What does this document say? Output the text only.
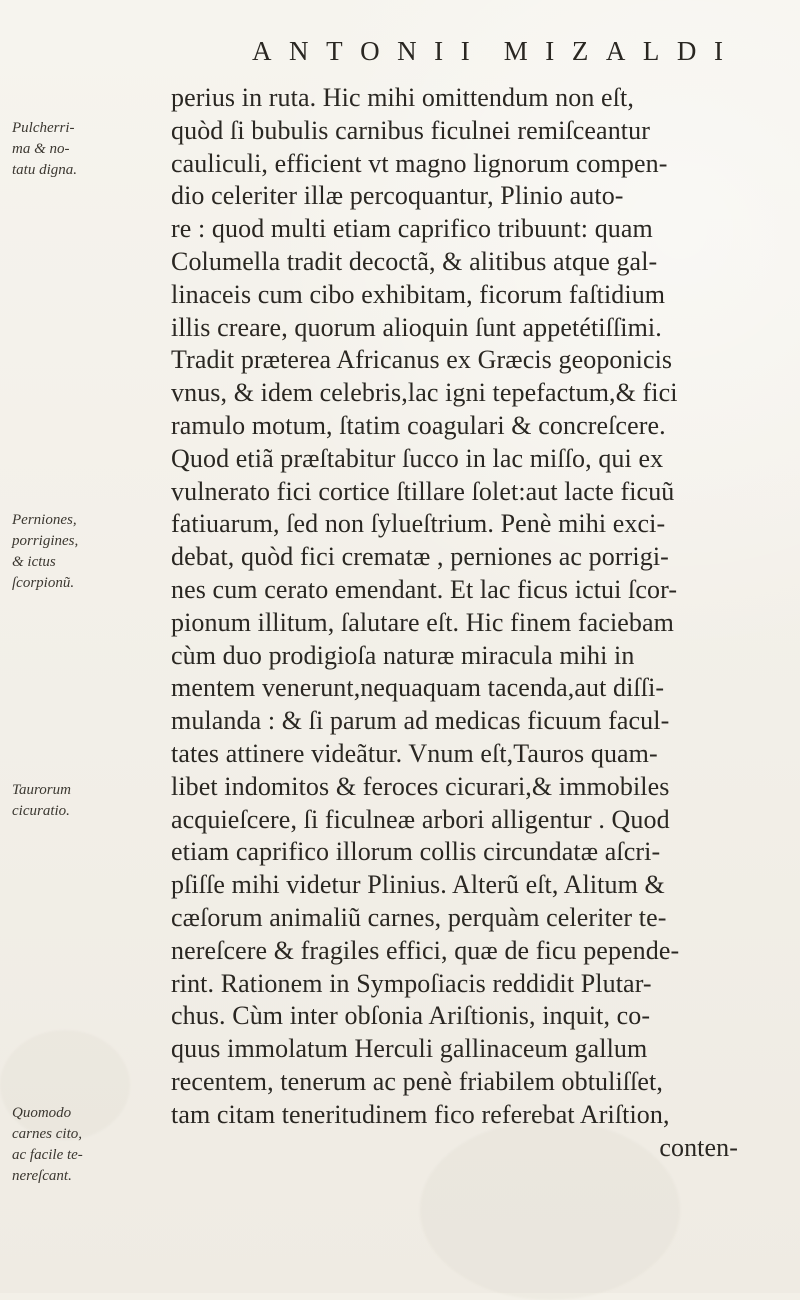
A N T O N I I M I Z A L D I
perius in ruta. Hic mihi omittendum non eſt,
quòd ſi bubulis carnibus ficulnei remiſceantur
cauliculi, efficient vt magno lignorum compen-
dio celeriter illæ percoquantur, Plinio auto-
re : quod multi etiam caprifico tribuunt: quam
Columella tradit decoctã, & alitibus atque gal-
linaceis cum cibo exhibitam, ficorum faſtidium
illis creare, quorum alioquin ſunt appetétiſſimi.
Tradit præterea Africanus ex Græcis geoponicis
vnus, & idem celebris,lac igni tepefactum,& fici
ramulo motum, ſtatim coagulari & concreſcere.
Quod etiã præſtabitur ſucco in lac miſſo, qui ex
vulnerato fici cortice ſtillare ſolet:aut lacte ficuũ
fatiuarum, ſed non ſylueſtrium. Penè mihi exci-
debat, quòd fici crematæ , perniones ac porrigi-
nes cum cerato emendant. Et lac ficus ictui ſcor-
pionum illitum, ſalutare eſt. Hic finem faciebam
cùm duo prodigioſa naturæ miracula mihi in
mentem venerunt,nequaquam tacenda,aut diſſi-
mulanda : & ſi parum ad medicas ficuum facul-
tates attinere videãtur. Vnum eſt,Tauros quam-
libet indomitos & feroces cicurari,& immobiles
acquieſcere, ſi ficulneæ arbori alligentur . Quod
etiam caprifico illorum collis circundatæ aſcri-
pſiſſe mihi videtur Plinius. Alterũ eſt, Alitum &
cæſorum animaliũ carnes, perquàm celeriter te-
nereſcere & fragiles effici, quæ de ficu pepende-
rint. Rationem in Sympoſiacis reddidit Plutar-
chus. Cùm inter obſonia Ariſtionis, inquit, co-
quus immolatum Herculi gallinaceum gallum
recentem, tenerum ac penè friabilem obtuliſſet,
tam citam teneritudinem fico referebat Ariſtion,
conten-
Pulcherri-
ma & no-
tatu digna.
Perniones,
porrigines,
& ictus
ſcorpionũ.
Taurorum
cicuratio.
Quomodo
carnes cito,
ac facile te-
nereſcant.
